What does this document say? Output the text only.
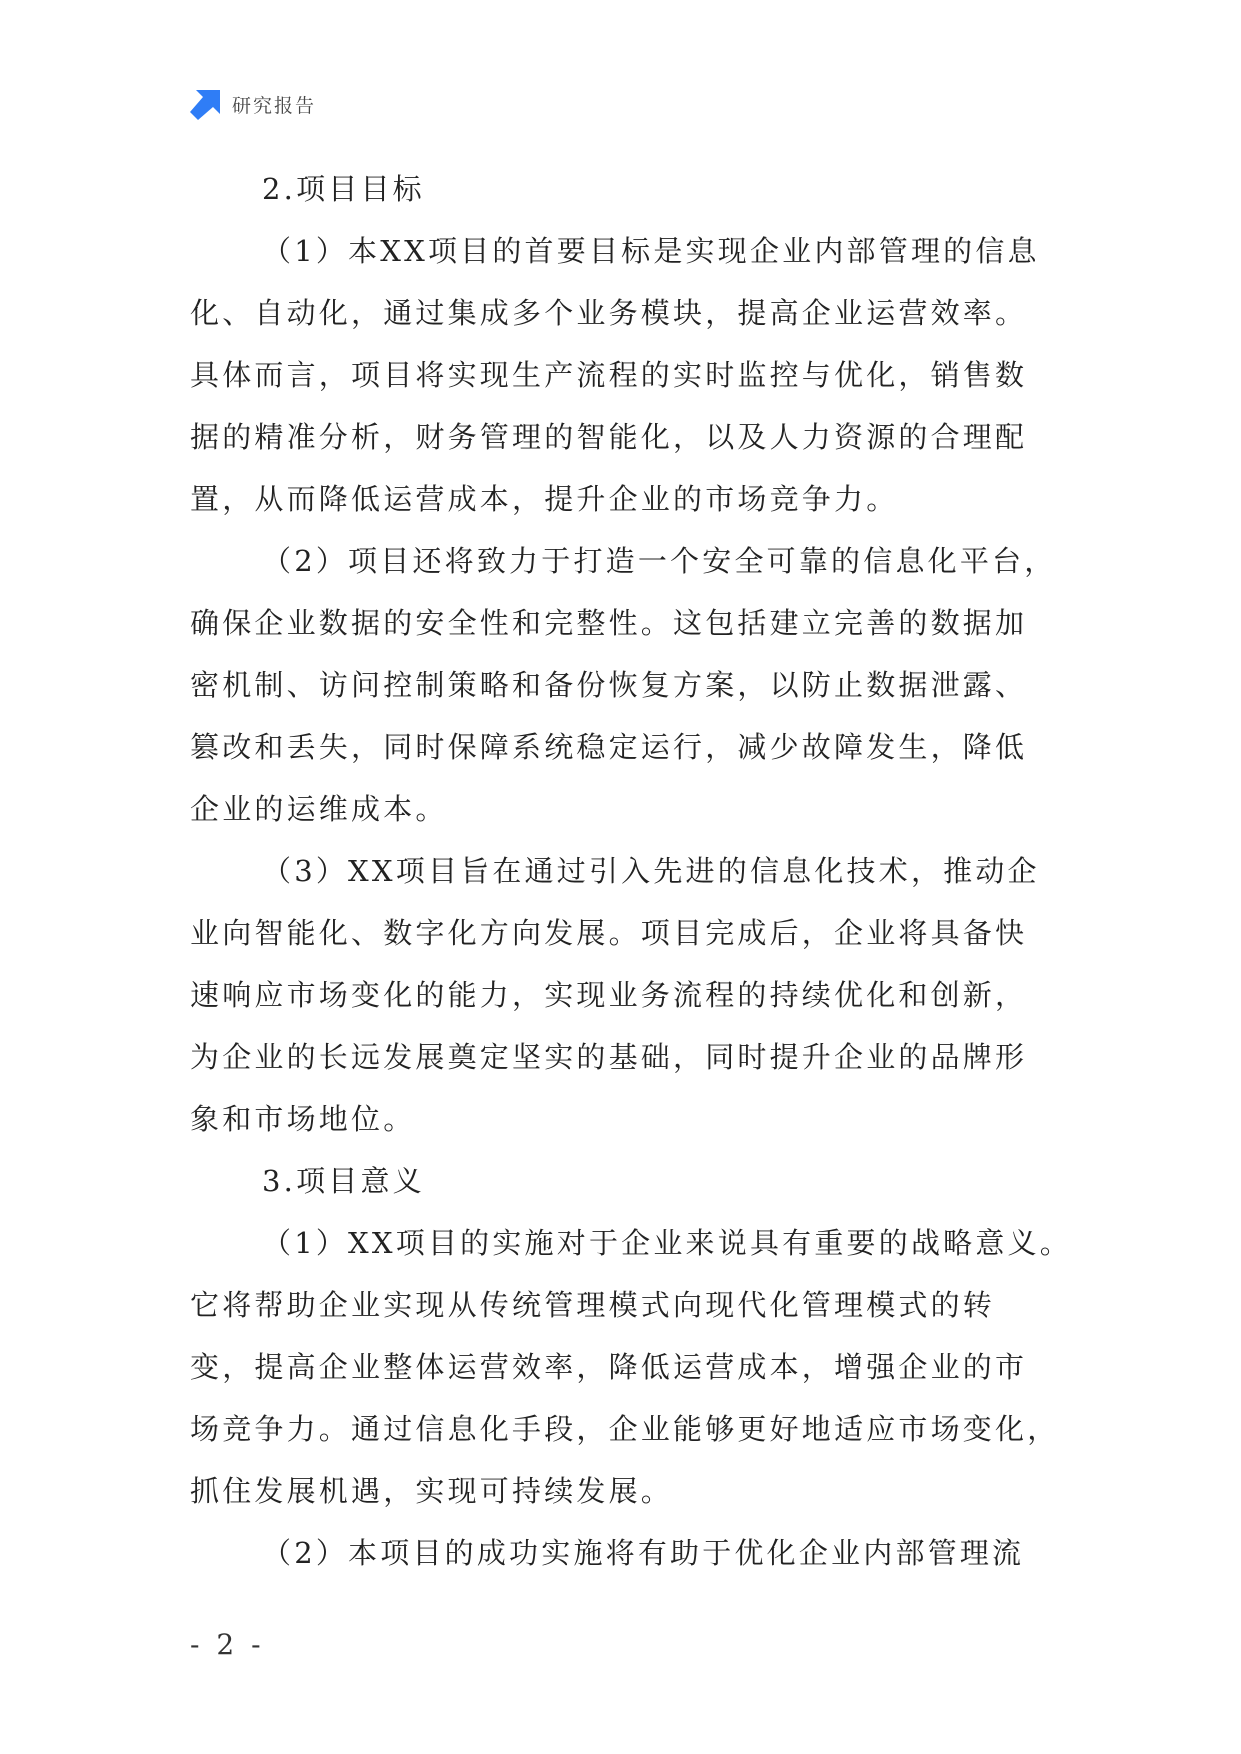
研究报告
2.项目目标
（1）本XX项目的首要目标是实现企业内部管理的信息
化、自动化，通过集成多个业务模块，提高企业运营效率。
具体而言，项目将实现生产流程的实时监控与优化，销售数
据的精准分析，财务管理的智能化，以及人力资源的合理配
置，从而降低运营成本，提升企业的市场竞争力。
（2）项目还将致力于打造一个安全可靠的信息化平台，
确保企业数据的安全性和完整性。这包括建立完善的数据加
密机制、访问控制策略和备份恢复方案，以防止数据泄露、
篡改和丢失，同时保障系统稳定运行，减少故障发生，降低
企业的运维成本。
（3）XX项目旨在通过引入先进的信息化技术，推动企
业向智能化、数字化方向发展。项目完成后，企业将具备快
速响应市场变化的能力，实现业务流程的持续优化和创新，
为企业的长远发展奠定坚实的基础，同时提升企业的品牌形
象和市场地位。
3.项目意义
（1）XX项目的实施对于企业来说具有重要的战略意义。
它将帮助企业实现从传统管理模式向现代化管理模式的转
变，提高企业整体运营效率，降低运营成本，增强企业的市
场竞争力。通过信息化手段，企业能够更好地适应市场变化，
抓住发展机遇，实现可持续发展。
（2）本项目的成功实施将有助于优化企业内部管理流
- 2 -
